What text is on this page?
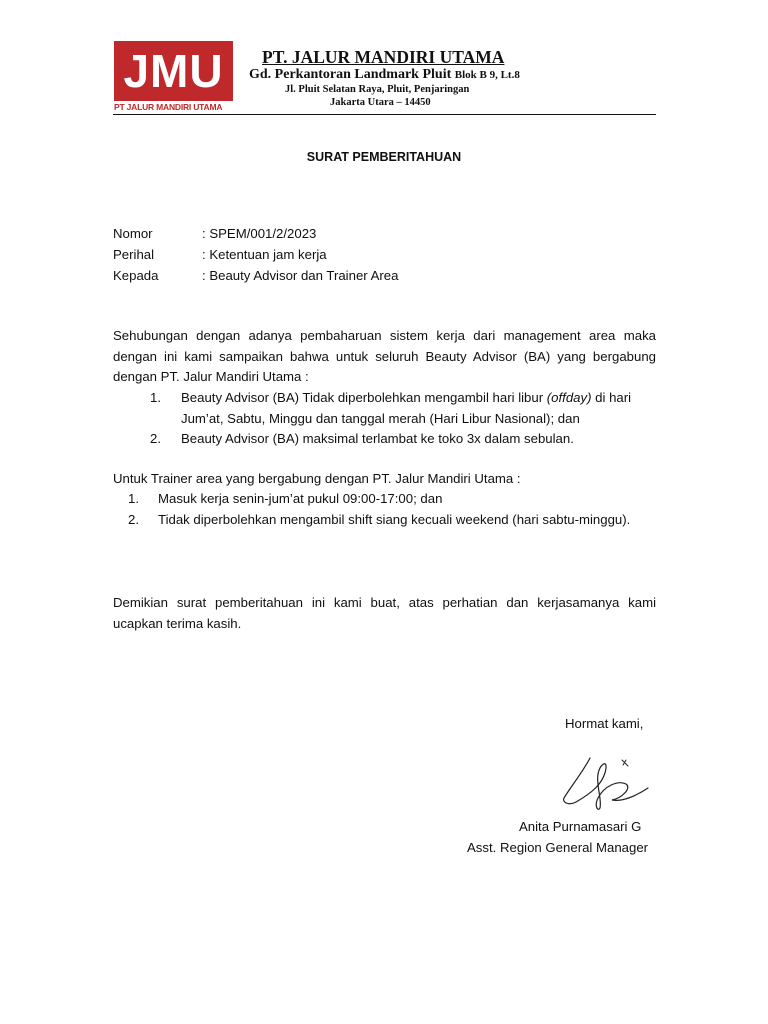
JMU
PT JALUR MANDIRI UTAMA
PT. JALUR MANDIRI UTAMA
Gd. Perkantoran Landmark Pluit Blok B 9, Lt.8
Jl. Pluit Selatan Raya, Pluit, Penjaringan
Jakarta Utara – 14450
SURAT PEMBERITAHUAN
Nomor	: SPEM/001/2/2023
Perihal	: Ketentuan jam kerja
Kepada	: Beauty Advisor dan Trainer Area
Sehubungan dengan adanya pembaharuan sistem kerja dari management area maka dengan ini kami sampaikan bahwa untuk seluruh Beauty Advisor (BA) yang bergabung dengan PT. Jalur Mandiri Utama :
1.	Beauty Advisor (BA) Tidak diperbolehkan mengambil hari libur (offday) di hari Jum’at, Sabtu, Minggu dan tanggal merah (Hari Libur Nasional); dan
2.	Beauty Advisor (BA) maksimal terlambat ke toko 3x dalam sebulan.
Untuk Trainer area yang bergabung dengan PT. Jalur Mandiri Utama :
1.	Masuk kerja senin-jum’at pukul 09:00-17:00; dan
2.	Tidak diperbolehkan mengambil shift siang kecuali weekend (hari sabtu-minggu).
Demikian surat pemberitahuan ini kami buat, atas perhatian dan kerjasamanya kami ucapkan terima kasih.
Hormat kami,
Anita Purnamasari G
Asst. Region General Manager
